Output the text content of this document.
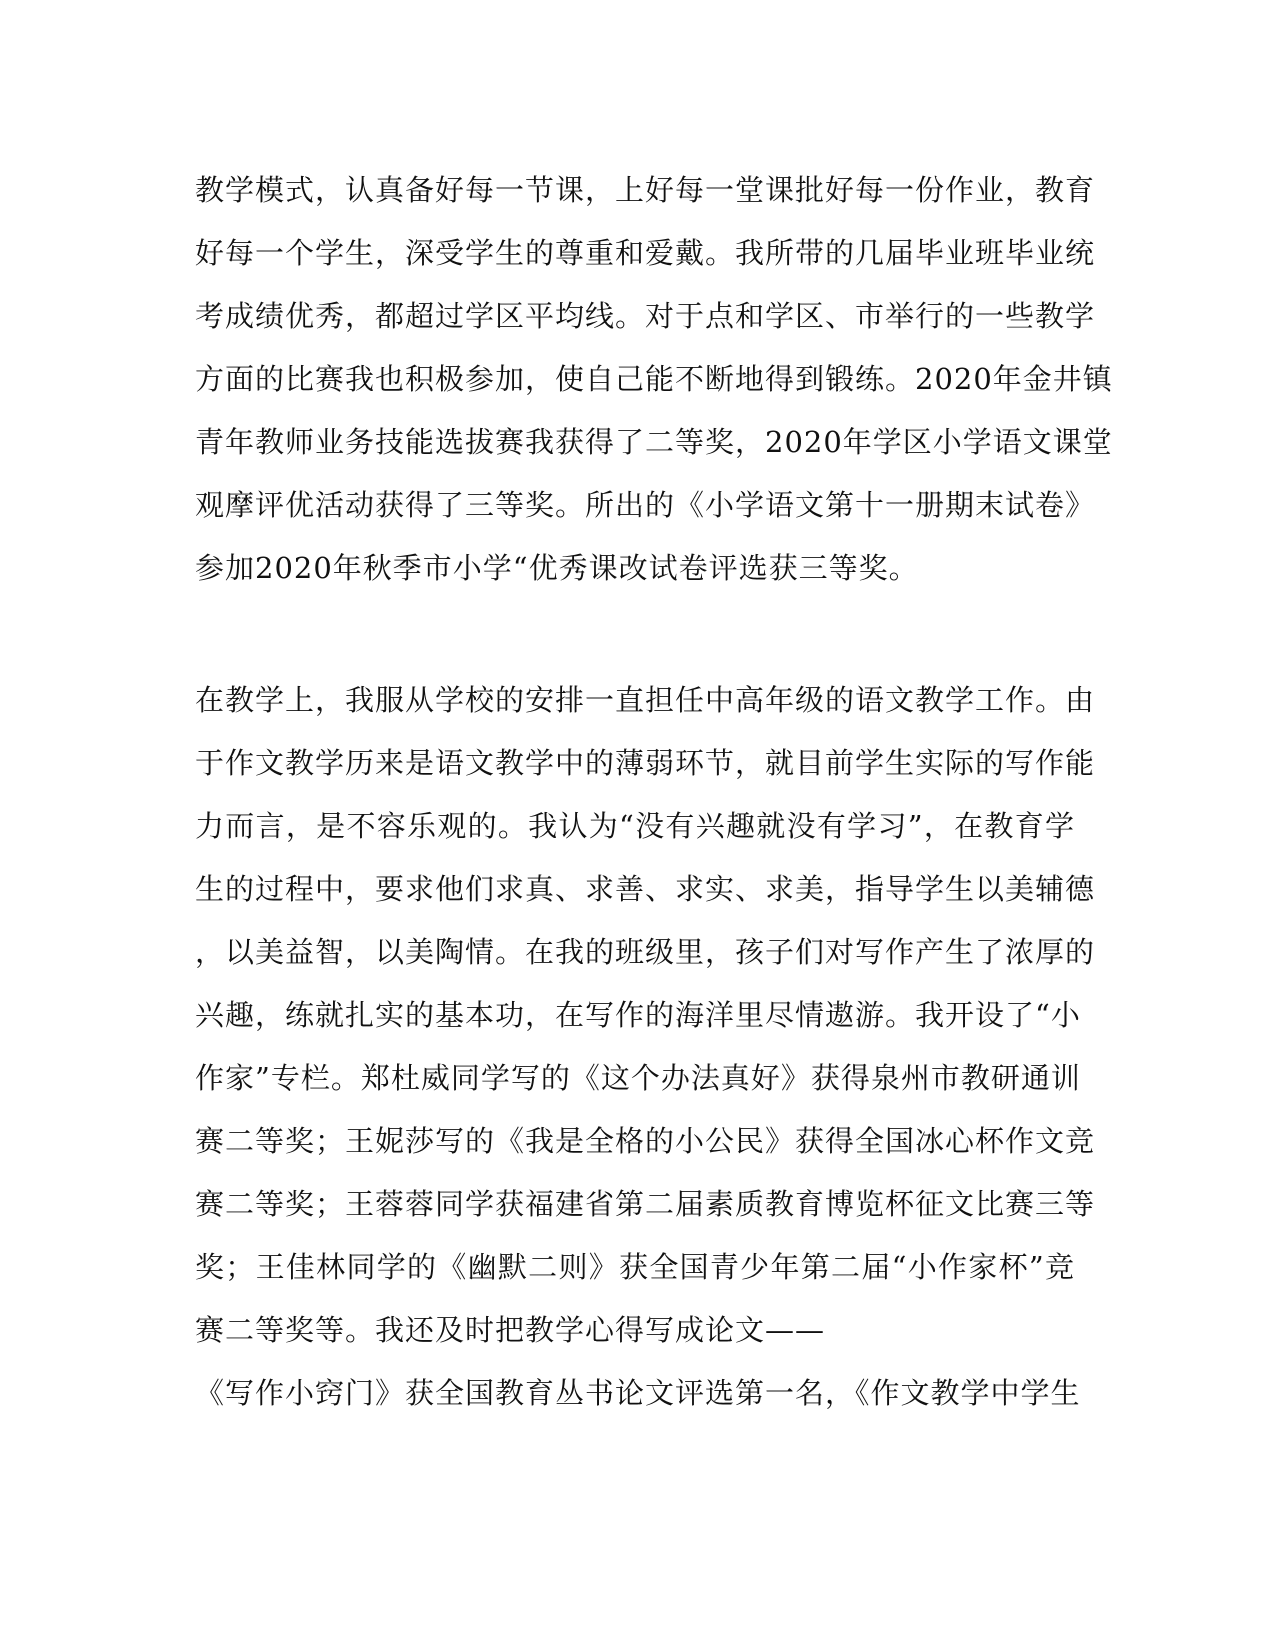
教学模式，认真备好每一节课，上好每一堂课批好每一份作业，教育
好每一个学生，深受学生的尊重和爱戴。我所带的几届毕业班毕业统
考成绩优秀，都超过学区平均线。对于点和学区、市举行的一些教学
方面的比赛我也积极参加，使自己能不断地得到锻练。2020年金井镇
青年教师业务技能选拔赛我获得了二等奖，2020年学区小学语文课堂
观摩评优活动获得了三等奖。所出的《小学语文第十一册期末试卷》
参加2020年秋季市小学“优秀课改试卷评选获三等奖。
在教学上，我服从学校的安排一直担任中高年级的语文教学工作。由
于作文教学历来是语文教学中的薄弱环节，就目前学生实际的写作能
力而言，是不容乐观的。我认为“没有兴趣就没有学习”，在教育学
生的过程中，要求他们求真、求善、求实、求美，指导学生以美辅德
，以美益智，以美陶情。在我的班级里，孩子们对写作产生了浓厚的
兴趣，练就扎实的基本功，在写作的海洋里尽情遨游。我开设了“小
作家”专栏。郑杜威同学写的《这个办法真好》获得泉州市教研通训
赛二等奖；王妮莎写的《我是全格的小公民》获得全国冰心杯作文竞
赛二等奖；王蓉蓉同学获福建省第二届素质教育博览杯征文比赛三等
奖；王佳林同学的《幽默二则》获全国青少年第二届“小作家杯”竞
赛二等奖等。我还及时把教学心得写成论文——
《写作小窍门》获全国教育丛书论文评选第一名，《作文教学中学生
